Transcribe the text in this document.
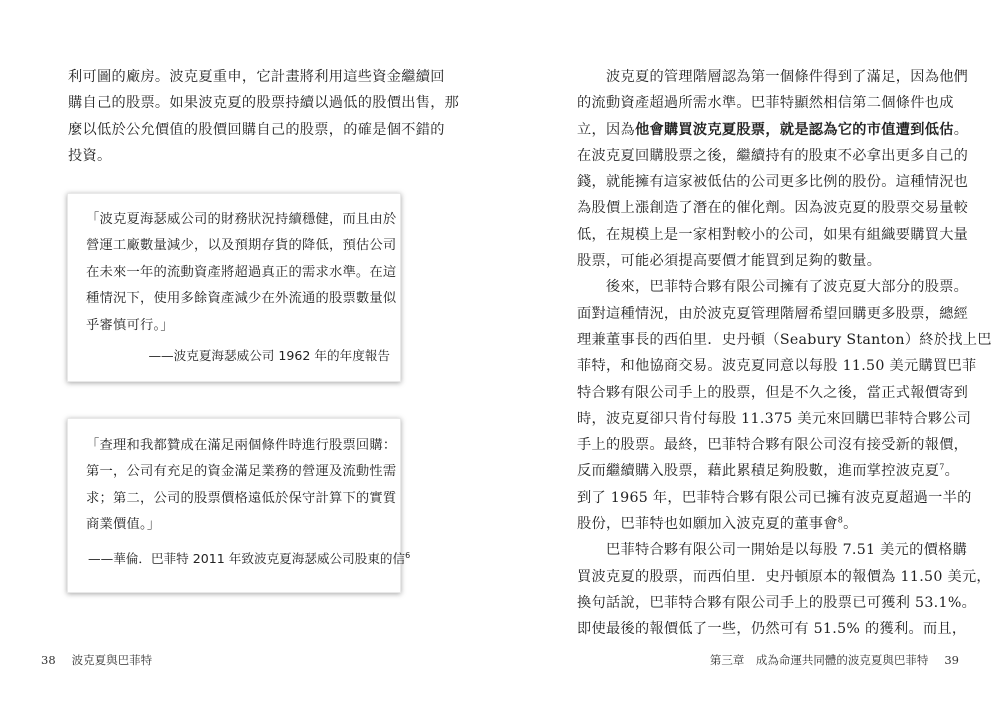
利可圖的廠房。波克夏重申，它計畫將利用這些資金繼續回

購自己的股票。如果波克夏的股票持續以過低的股價出售，那

麼以低於公允價值的股價回購自己的股票，的確是個不錯的

投資。

「波克夏海瑟威公司的財務狀況持續穩健，而且由於

營運工廠數量減少，以及預期存貨的降低，預估公司

在未來一年的流動資產將超過真正的需求水準。在這

種情況下，使用多餘資產減少在外流通的股票數量似

乎審慎可行。」

——波克夏海瑟威公司 1962 年的年度報告

「查理和我都贊成在滿足兩個條件時進行股票回購：

第一，公司有充足的資金滿足業務的營運及流動性需

求；第二，公司的股票價格遠低於保守計算下的實質

商業價值。」

——華倫．巴菲特 2011 年致波克夏海瑟威公司股東的信$^6$
38 波克夏與巴菲特

　　波克夏的管理階層認為第一個條件得到了滿足，因為他們

的流動資產超過所需水準。巴菲特顯然相信第二個條件也成

立，因為他會購買波克夏股票，就是認為它的市值遭到低估。

在波克夏回購股票之後，繼續持有的股東不必拿出更多自己的

錢，就能擁有這家被低估的公司更多比例的股份。這種情況也

為股價上漲創造了潛在的催化劑。因為波克夏的股票交易量較

低，在規模上是一家相對較小的公司，如果有組織要購買大量

股票，可能必須提高要價才能買到足夠的數量。

　　後來，巴菲特合夥有限公司擁有了波克夏大部分的股票。

面對這種情況，由於波克夏管理階層希望回購更多股票，總經

理兼董事長的西伯里．史丹頓（Seabury Stanton）終於找上巴

菲特，和他協商交易。波克夏同意以每股 11.50 美元購買巴菲

特合夥有限公司手上的股票，但是不久之後，當正式報價寄到

時，波克夏卻只肯付每股 11.375 美元來回購巴菲特合夥公司

手上的股票。最終，巴菲特合夥有限公司沒有接受新的報價，

反而繼續購入股票，藉此累積足夠股數，進而掌控波克夏$^7$。

到了 1965 年，巴菲特合夥有限公司已擁有波克夏超過一半的

股份，巴菲特也如願加入波克夏的董事會$^8$。

　　巴菲特合夥有限公司一開始是以每股 7.51 美元的價格購

買波克夏的股票，而西伯里．史丹頓原本的報價為 11.50 美元，

換句話說，巴菲特合夥有限公司手上的股票已可獲利 53.1%。

即使最後的報價低了一些，仍然可有 51.5% 的獲利。而且，

第三章　成為命運共同體的波克夏與巴菲特 39
